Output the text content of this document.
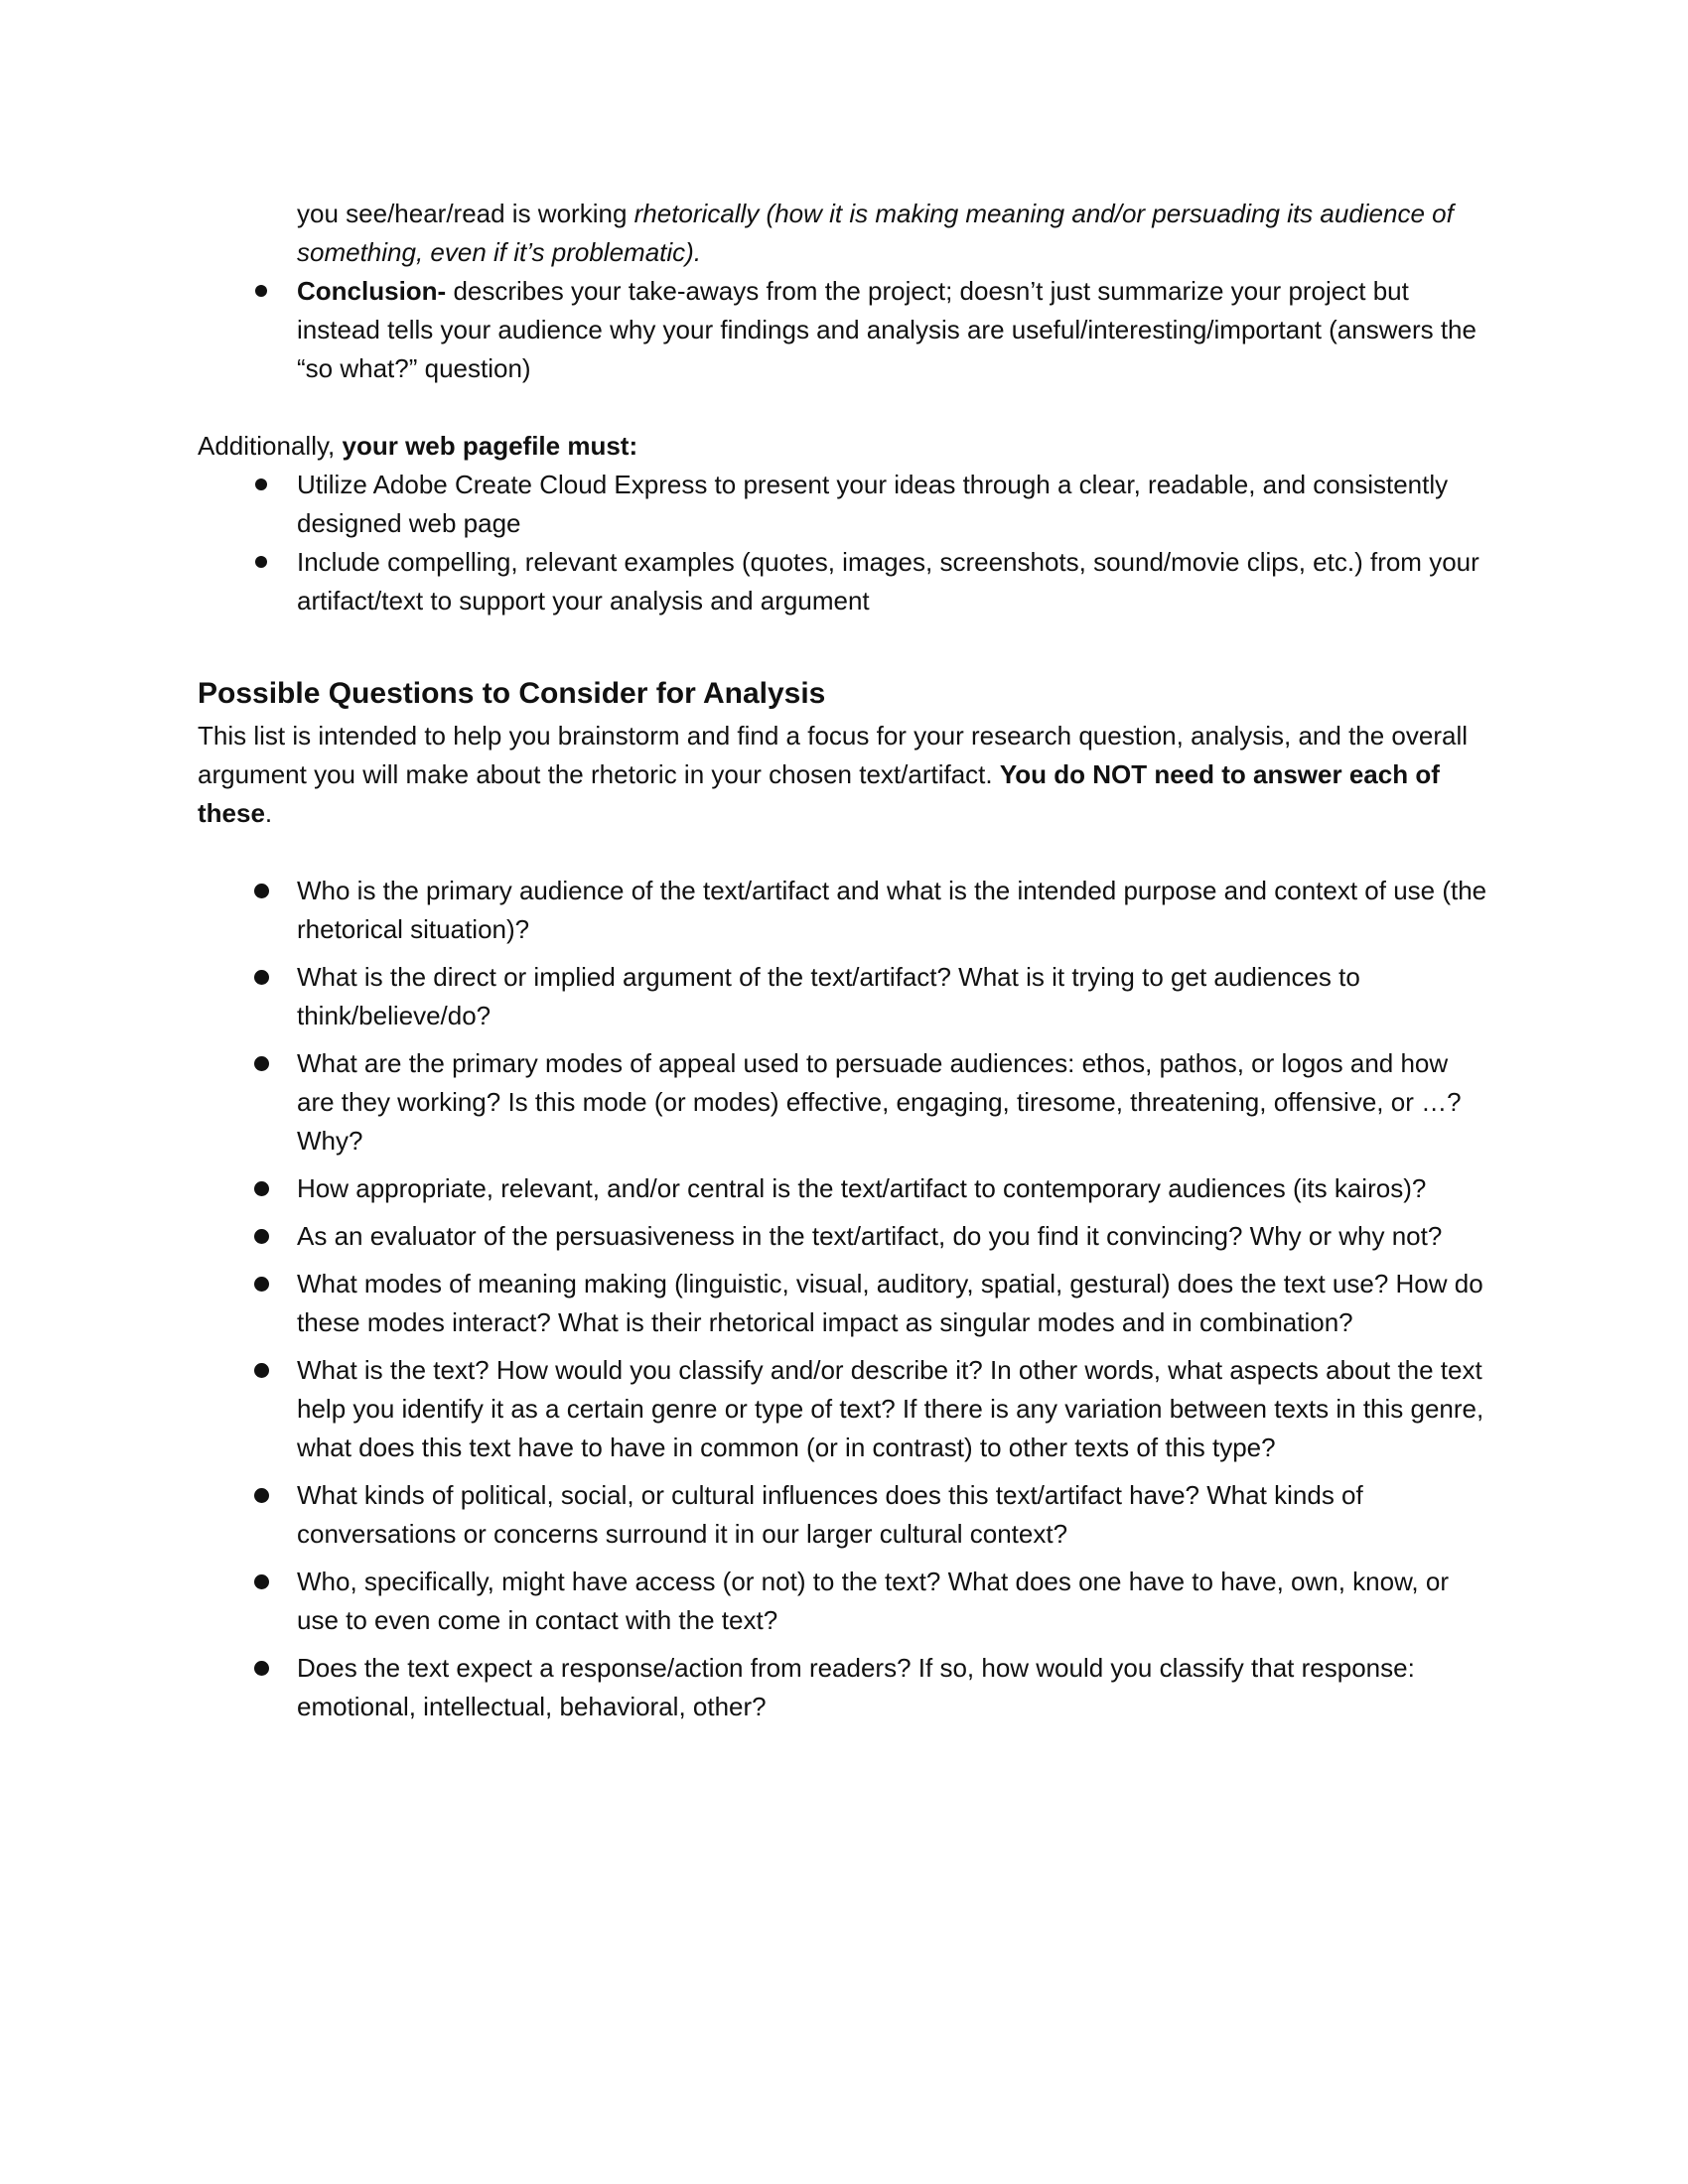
you see/hear/read is working rhetorically (how it is making meaning and/or persuading its audience of something, even if it’s problematic).
Conclusion- describes your take-aways from the project; doesn’t just summarize your project but instead tells your audience why your findings and analysis are useful/interesting/important (answers the “so what?” question)
Additionally, your web pagefile must:
Utilize Adobe Create Cloud Express to present your ideas through a clear, readable, and consistently designed web page
Include compelling, relevant examples (quotes, images, screenshots, sound/movie clips, etc.) from your artifact/text to support your analysis and argument
Possible Questions to Consider for Analysis
This list is intended to help you brainstorm and find a focus for your research question, analysis, and the overall argument you will make about the rhetoric in your chosen text/artifact. You do NOT need to answer each of these.
Who is the primary audience of the text/artifact and what is the intended purpose and context of use (the rhetorical situation)?
What is the direct or implied argument of the text/artifact? What is it trying to get audiences to think/believe/do?
What are the primary modes of appeal used to persuade audiences: ethos, pathos, or logos and how are they working? Is this mode (or modes) effective, engaging, tiresome, threatening, offensive, or …? Why?
How appropriate, relevant, and/or central is the text/artifact to contemporary audiences (its kairos)?
As an evaluator of the persuasiveness in the text/artifact, do you find it convincing? Why or why not?
What modes of meaning making (linguistic, visual, auditory, spatial, gestural) does the text use? How do these modes interact? What is their rhetorical impact as singular modes and in combination?
What is the text? How would you classify and/or describe it? In other words, what aspects about the text help you identify it as a certain genre or type of text? If there is any variation between texts in this genre, what does this text have to have in common (or in contrast) to other texts of this type?
What kinds of political, social, or cultural influences does this text/artifact have? What kinds of conversations or concerns surround it in our larger cultural context?
Who, specifically, might have access (or not) to the text? What does one have to have, own, know, or use to even come in contact with the text?
Does the text expect a response/action from readers? If so, how would you classify that response: emotional, intellectual, behavioral, other?
